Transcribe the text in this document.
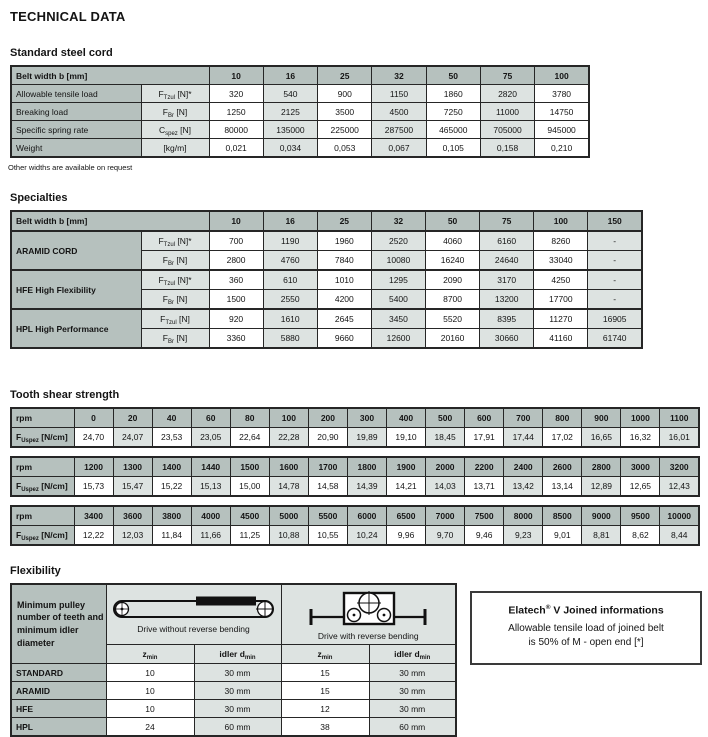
TECHNICAL DATA
Standard steel cord
Belt width b [mm]		10	16	25	32	50	75	100
Allowable tensile load	$F_{Tzul}$ [N]*	320	540	900	1150	1860	2820	3780
Breaking load	$F_{Br}$ [N]	1250	2125	3500	4500	7250	11000	14750
Specific spring rate	$C_{spez}$ [N]	80000	135000	225000	287500	465000	705000	945000
Weight	[kg/m]	0,021	0,034	0,053	0,067	0,105	0,158	0,210
Other widths are available on request
Specialties
Belt width b [mm]		10	16	25	32	50	75	100	150
ARAMID CORD	$F_{Tzul}$ [N]*	700	1190	1960	2520	4060	6160	8260	-
	$F_{Br}$ [N]	2800	4760	7840	10080	16240	24640	33040	-
HFE High Flexibility	$F_{Tzul}$ [N]*	360	610	1010	1295	2090	3170	4250	-
	$F_{Br}$ [N]	1500	2550	4200	5400	8700	13200	17700	-
HPL High Performance	$F_{Tzul}$ [N]	920	1610	2645	3450	5520	8395	11270	16905
	$F_{Br}$ [N]	3360	5880	9660	12600	20160	30660	41160	61740
Tooth shear strength
rpm	0	20	40	60	80	100	200	300	400	500	600	700	800	900	1000	1100
$F_{Uspez}$ [N/cm]	24,70	24,07	23,53	23,05	22,64	22,28	20,90	19,89	19,10	18,45	17,91	17,44	17,02	16,65	16,32	16,01
rpm	1200	1300	1400	1440	1500	1600	1700	1800	1900	2000	2200	2400	2600	2800	3000	3200
$F_{Uspez}$ [N/cm]	15,73	15,47	15,22	15,13	15,00	14,78	14,58	14,39	14,21	14,03	13,71	13,42	13,14	12,89	12,65	12,43
rpm	3400	3600	3800	4000	4500	5000	5500	6000	6500	7000	7500	8000	8500	9000	9500	10000
$F_{Uspez}$ [N/cm]	12,22	12,03	11,84	11,66	11,25	10,88	10,55	10,24	9,96	9,70	9,46	9,23	9,01	8,81	8,62	8,44
Flexibility
Minimum pulley number of teeth and minimum idler diameter	Drive without reverse bending		Drive with reverse bending	

	$z_{min}$	idler $d_{min}$	$z_{min}$	idler $d_{min}$
STANDARD	10	30 mm	15	30 mm
ARAMID	10	30 mm	15	30 mm
HFE	10	30 mm	12	30 mm
HPL	24	60 mm	38	60 mm
Elatech® V Joined informations
Allowable tensile load of joined belt
is 50% of M - open end [*]
